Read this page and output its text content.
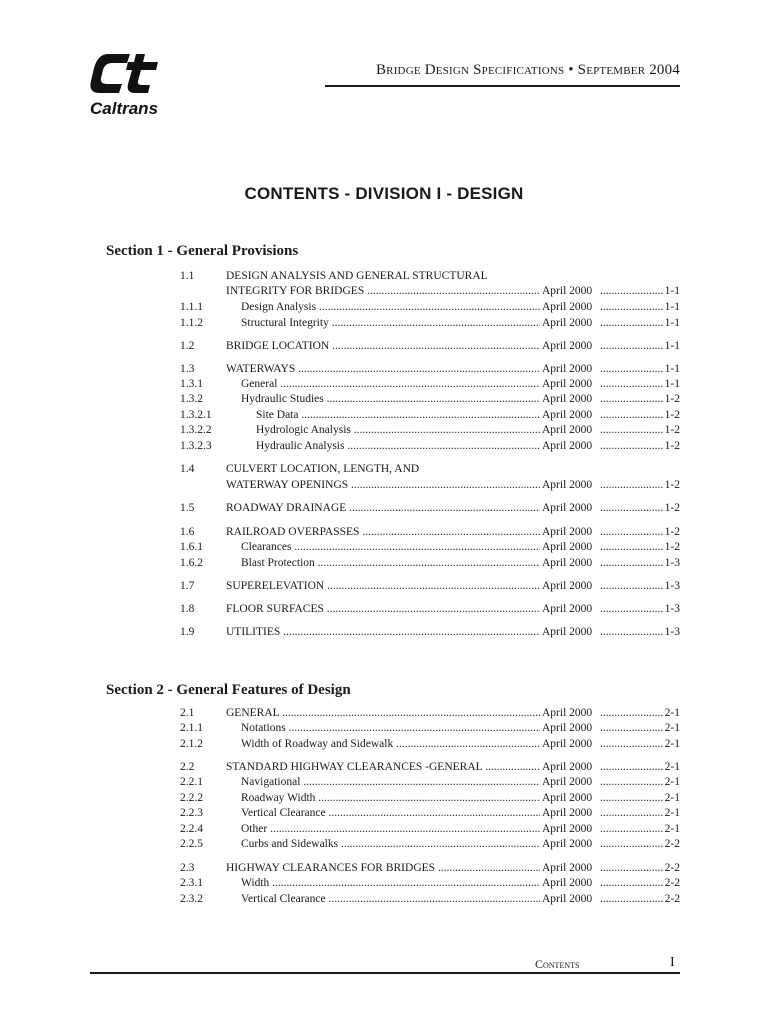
Caltrans
Bridge Design Specifications • September 2004
CONTENTS - DIVISION I - DESIGN
Section 1 - General Provisions
1.1	DESIGN ANALYSIS AND GENERAL STRUCTURAL
INTEGRITY FOR BRIDGES .....	April 2000 .....	1-1
1.1.1	Design Analysis .....	April 2000 .....	1-1
1.1.2	Structural Integrity .....	April 2000 .....	1-1
1.2	BRIDGE LOCATION .....	April 2000 .....	1-1
1.3	WATERWAYS .....	April 2000 .....	1-1
1.3.1	General .....	April 2000 .....	1-1
1.3.2	Hydraulic Studies .....	April 2000 .....	1-2
1.3.2.1	Site Data .....	April 2000 .....	1-2
1.3.2.2	Hydrologic Analysis .....	April 2000 .....	1-2
1.3.2.3	Hydraulic Analysis .....	April 2000 .....	1-2
1.4	CULVERT LOCATION, LENGTH, AND
WATERWAY OPENINGS .....	April 2000 .....	1-2
1.5	ROADWAY DRAINAGE .....	April 2000 .....	1-2
1.6	RAILROAD OVERPASSES .....	April 2000 .....	1-2
1.6.1	Clearances .....	April 2000 .....	1-2
1.6.2	Blast Protection .....	April 2000 .....	1-3
1.7	SUPERELEVATION .....	April 2000 .....	1-3
1.8	FLOOR SURFACES .....	April 2000 .....	1-3
1.9	UTILITIES .....	April 2000 .....	1-3
Section 2 - General Features of Design
2.1	GENERAL .....	April 2000 .....	2-1
2.1.1	Notations .....	April 2000 .....	2-1
2.1.2	Width of Roadway and Sidewalk .....	April 2000 .....	2-1
2.2	STANDARD HIGHWAY CLEARANCES -GENERAL .....	April 2000 .....	2-1
2.2.1	Navigational .....	April 2000 .....	2-1
2.2.2	Roadway Width .....	April 2000 .....	2-1
2.2.3	Vertical Clearance .....	April 2000 .....	2-1
2.2.4	Other .....	April 2000 .....	2-1
2.2.5	Curbs and Sidewalks .....	April 2000 .....	2-2
2.3	HIGHWAY CLEARANCES FOR BRIDGES .....	April 2000 .....	2-2
2.3.1	Width .....	April 2000 .....	2-2
2.3.2	Vertical Clearance .....	April 2000 .....	2-2
Contents	I
